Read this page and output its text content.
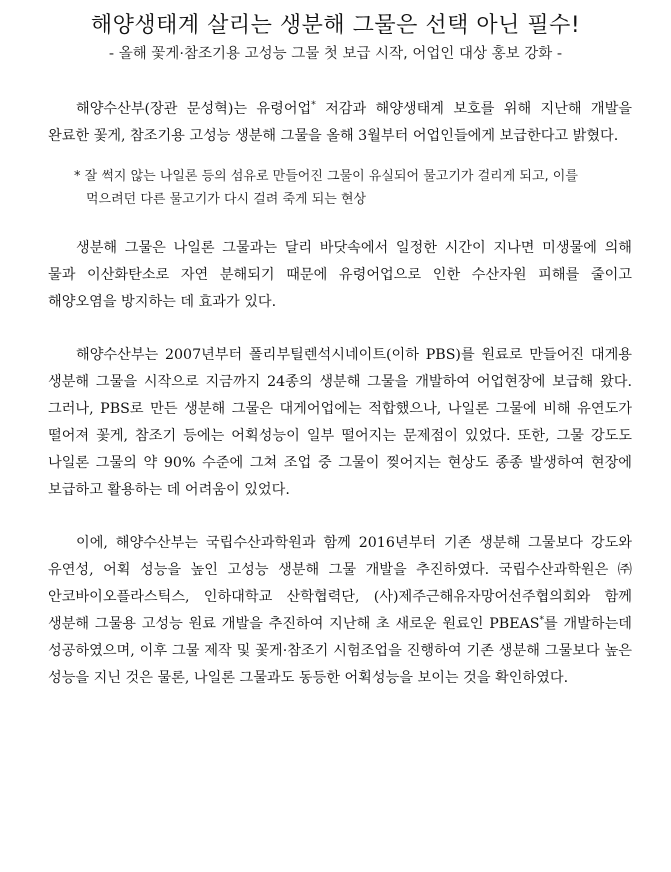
해양생태계 살리는 생분해 그물은 선택 아닌 필수!
- 올해 꽃게·참조기용 고성능 그물 첫 보급 시작, 어업인 대상 홍보 강화 -

해양수산부(장관 문성혁)는 유령어업* 저감과 해양생태계 보호를 위해 지난해 개발을 완료한 꽃게, 참조기용 고성능 생분해 그물을 올해 3월부터 어업인들에게 보급한다고 밝혔다.

* 잘 썩지 않는 나일론 등의 섬유로 만들어진 그물이 유실되어 물고기가 걸리게 되고, 이를 먹으려던 다른 물고기가 다시 걸려 죽게 되는 현상

생분해 그물은 나일론 그물과는 달리 바닷속에서 일정한 시간이 지나면 미생물에 의해 물과 이산화탄소로 자연 분해되기 때문에 유령어업으로 인한 수산자원 피해를 줄이고 해양오염을 방지하는 데 효과가 있다.

해양수산부는 2007년부터 폴리부틸렌석시네이트(이하 PBS)를 원료로 만들어진 대게용 생분해 그물을 시작으로 지금까지 24종의 생분해 그물을 개발하여 어업현장에 보급해 왔다. 그러나, PBS로 만든 생분해 그물은 대게어업에는 적합했으나, 나일론 그물에 비해 유연도가 떨어져 꽃게, 참조기 등에는 어획성능이 일부 떨어지는 문제점이 있었다. 또한, 그물 강도도 나일론 그물의 약 90% 수준에 그쳐 조업 중 그물이 찢어지는 현상도 종종 발생하여 현장에 보급하고 활용하는 데 어려움이 있었다.

이에, 해양수산부는 국립수산과학원과 함께 2016년부터 기존 생분해 그물보다 강도와 유연성, 어획 성능을 높인 고성능 생분해 그물 개발을 추진하였다. 국립수산과학원은 ㈜안코바이오플라스틱스, 인하대학교 산학협력단, (사)제주근해유자망어선주협의회와 함께 생분해 그물용 고성능 원료 개발을 추진하여 지난해 초 새로운 원료인 PBEAS*를 개발하는데 성공하였으며, 이후 그물 제작 및 꽃게·참조기 시험조업을 진행하여 기존 생분해 그물보다 높은 성능을 지닌 것은 물론, 나일론 그물과도 동등한 어획성능을 보이는 것을 확인하였다.
